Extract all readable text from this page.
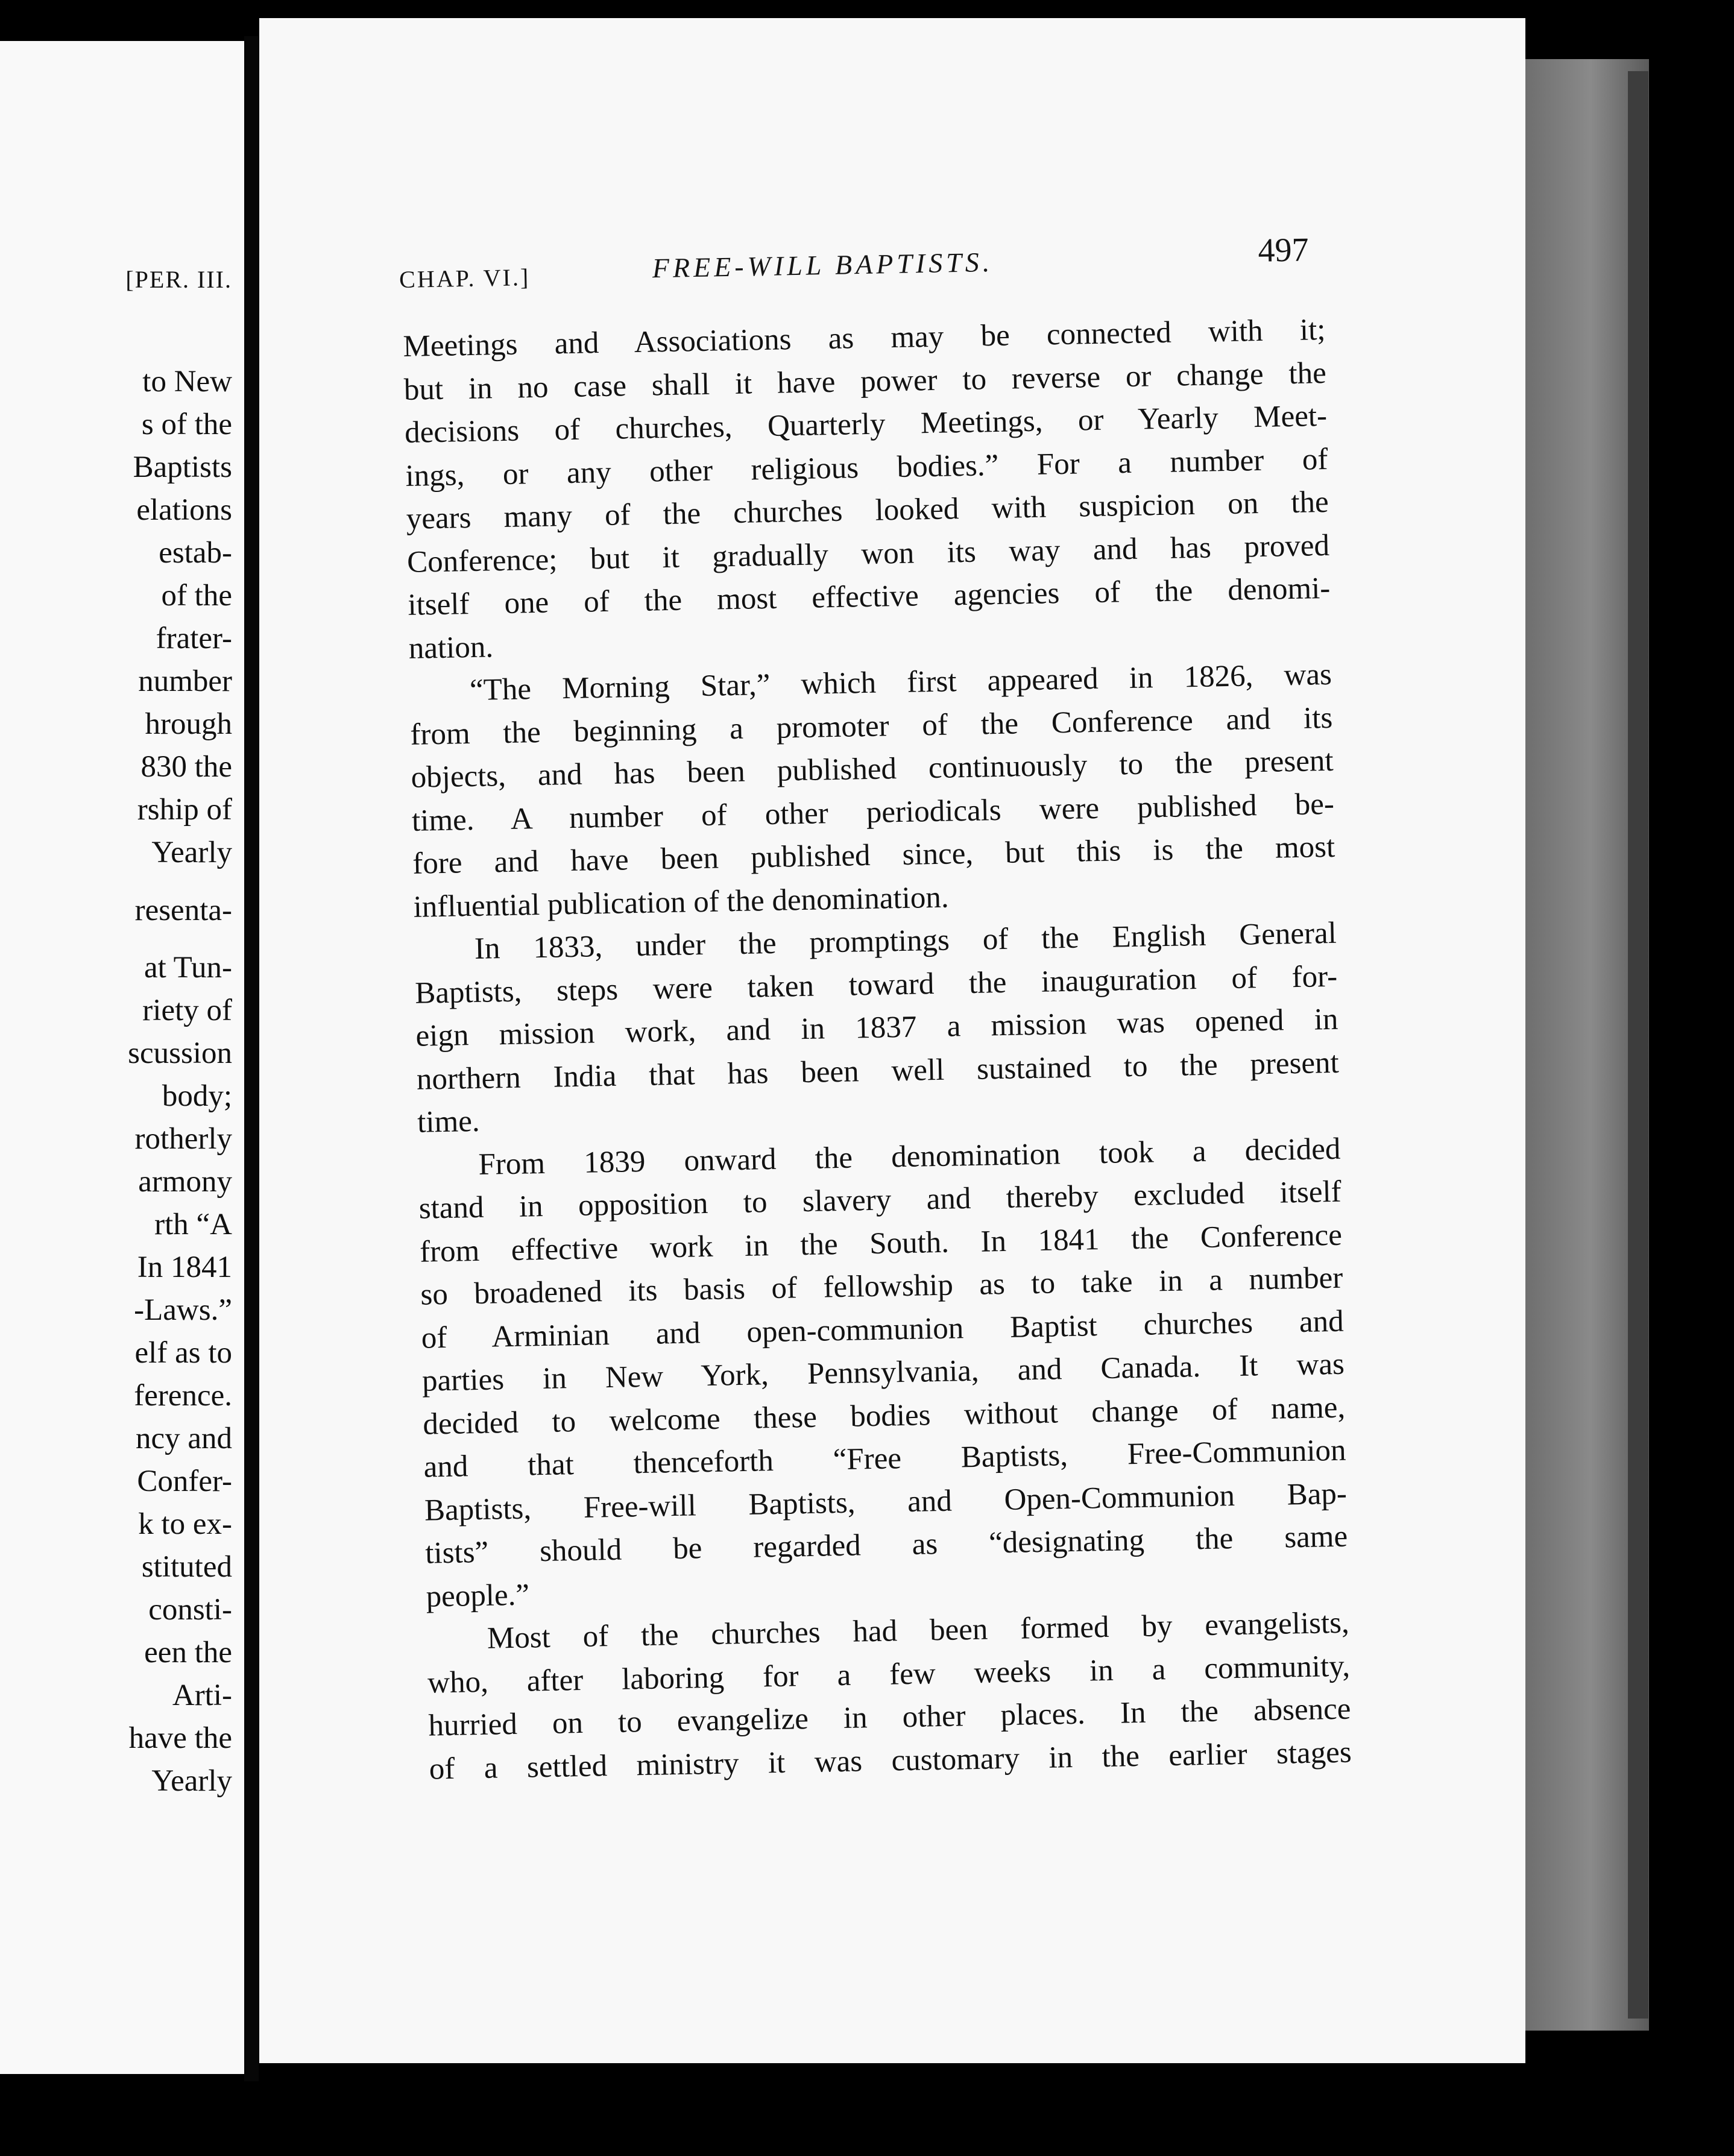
[PER. III.
to New
s of the
Baptists
elations
estab-
of the
frater-
number
hrough
830 the
rship of
Yearly
resenta-
at Tun-
riety of
scussion
body;
rotherly
armony
rth “A
In 1841
-Laws.”
elf as to
ference.
ncy and
Confer-
k to ex-
stituted
consti-
een the
Arti-
have the
Yearly
CHAP. VI.]	FREE-WILL BAPTISTS.	497
Meetings and Associations as may be connected with it;
but in no case shall it have power to reverse or change the
decisions of churches, Quarterly Meetings, or Yearly Meet-
ings, or any other religious bodies.” For a number of
years many of the churches looked with suspicion on the
Conference; but it gradually won its way and has proved
itself one of the most effective agencies of the denomi-
nation.
“The Morning Star,” which first appeared in 1826, was
from the beginning a promoter of the Conference and its
objects, and has been published continuously to the present
time. A number of other periodicals were published be-
fore and have been published since, but this is the most
influential publication of the denomination.
In 1833, under the promptings of the English General
Baptists, steps were taken toward the inauguration of for-
eign mission work, and in 1837 a mission was opened in
northern India that has been well sustained to the present
time.
From 1839 onward the denomination took a decided
stand in opposition to slavery and thereby excluded itself
from effective work in the South. In 1841 the Conference
so broadened its basis of fellowship as to take in a number
of Arminian and open-communion Baptist churches and
parties in New York, Pennsylvania, and Canada. It was
decided to welcome these bodies without change of name,
and that thenceforth “Free Baptists, Free-Communion
Baptists, Free-will Baptists, and Open-Communion Bap-
tists” should be regarded as “designating the same
people.”
Most of the churches had been formed by evangelists,
who, after laboring for a few weeks in a community,
hurried on to evangelize in other places. In the absence
of a settled ministry it was customary in the earlier stages
